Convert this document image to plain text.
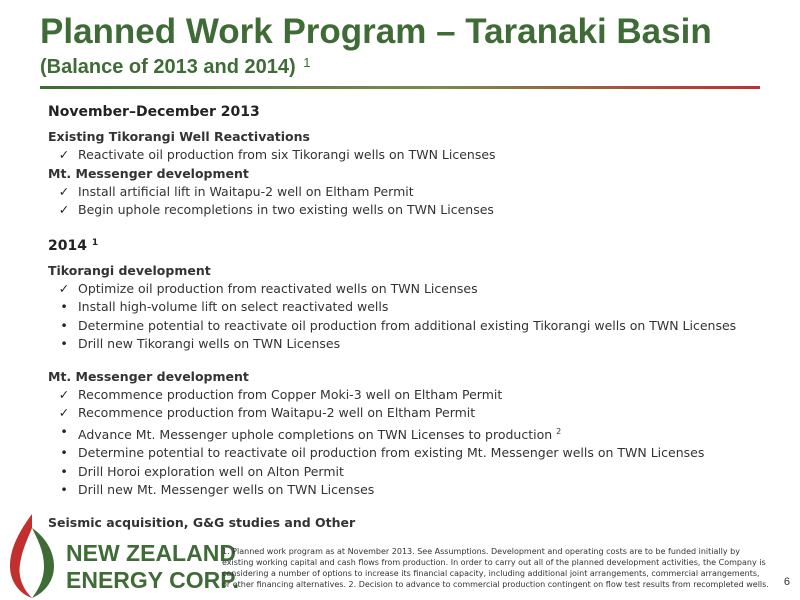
Planned Work Program – Taranaki Basin
(Balance of 2013 and 2014) $^1$
November–December 2013
Existing Tikorangi Well Reactivations
✓ Reactivate oil production from six Tikorangi wells on TWN Licenses
Mt. Messenger development
✓ Install artificial lift in Waitapu-2 well on Eltham Permit
✓ Begin uphole recompletions in two existing wells on TWN Licenses
2014 $^1$
Tikorangi development
✓ Optimize oil production from reactivated wells on TWN Licenses
• Install high-volume lift on select reactivated wells
• Determine potential to reactivate oil production from additional existing Tikorangi wells on TWN Licenses
• Drill new Tikorangi wells on TWN Licenses
Mt. Messenger development
✓ Recommence production from Copper Moki-3 well on Eltham Permit
✓ Recommence production from Waitapu-2 well on Eltham Permit
• Advance Mt. Messenger uphole completions on TWN Licenses to production $^2$
• Determine potential to reactivate oil production from existing Mt. Messenger wells on TWN Licenses
• Drill Horoi exploration well on Alton Permit
• Drill new Mt. Messenger wells on TWN Licenses
Seismic acquisition, G&G studies and Other
NEW ZEALAND
ENERGY CORP.
1. Planned work program as at November 2013. See Assumptions. Development and operating costs are to be funded initially by existing working capital and cash flows from production. In order to carry out all of the planned development activities, the Company is considering a number of options to increase its financial capacity, including additional joint arrangements, commercial arrangements, or other financing alternatives. 2. Decision to advance to commercial production contingent on flow test results from recompleted wells. 6
